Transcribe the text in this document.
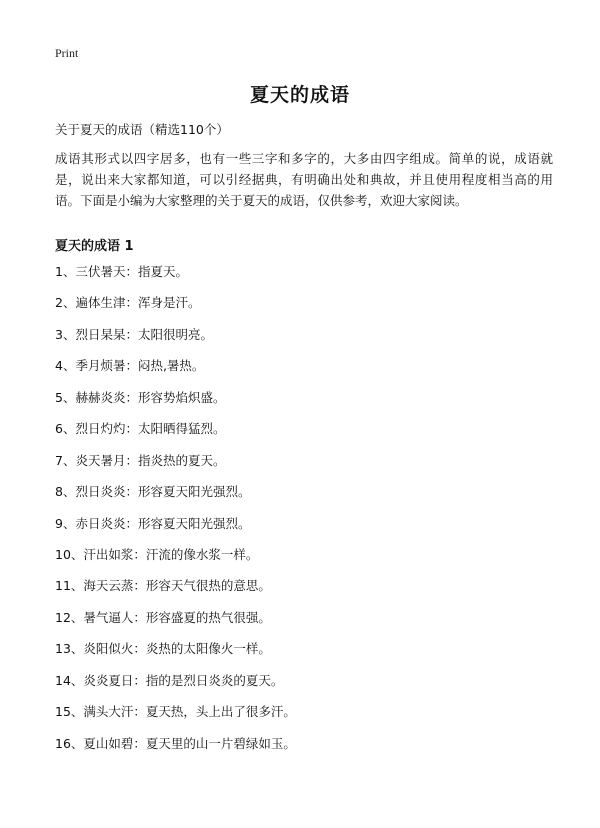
Print
夏天的成语
关于夏天的成语（精选110个）

成语其形式以四字居多，也有一些三字和多字的，大多由四字组成。简单的说，成语就是，说出来大家都知道，可以引经据典，有明确出处和典故，并且使用程度相当高的用语。下面是小编为大家整理的关于夏天的成语，仅供参考，欢迎大家阅读。

夏天的成语 1
1、三伏暑天：指夏天。
2、遍体生津：浑身是汗。
3、烈日杲杲：太阳很明亮。
4、季月烦暑：闷热,暑热。
5、赫赫炎炎：形容势焰炽盛。
6、烈日灼灼：太阳晒得猛烈。
7、炎天暑月：指炎热的夏天。
8、烈日炎炎：形容夏天阳光强烈。
9、赤日炎炎：形容夏天阳光强烈。
10、汗出如浆：汗流的像水浆一样。
11、海天云蒸：形容天气很热的意思。
12、暑气逼人：形容盛夏的热气很强。
13、炎阳似火：炎热的太阳像火一样。
14、炎炎夏日：指的是烈日炎炎的夏天。
15、满头大汗：夏天热，头上出了很多汗。
16、夏山如碧：夏天里的山一片碧绿如玉。
